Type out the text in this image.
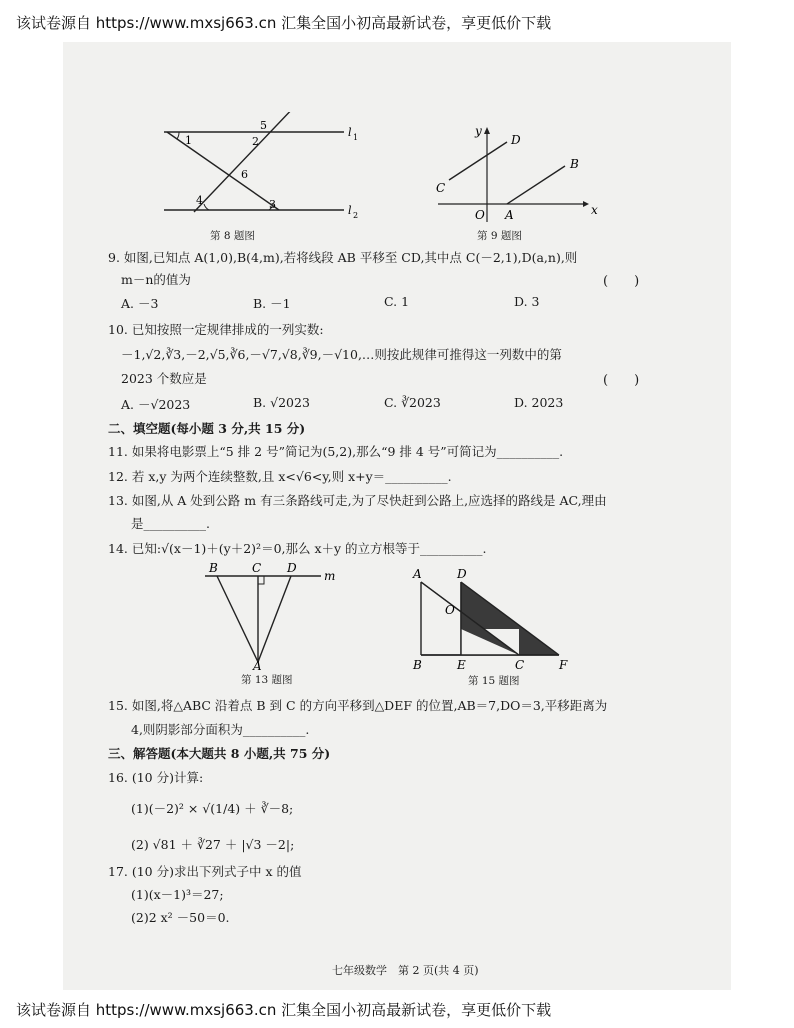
该试卷源自 https://www.mxsj663.cn 汇集全国小初高最新试卷，享更低价下载
l 1
l 2
1	2
3
4
5
6
第 8 题图
y
x
D
B
C
O A
第 9 题图
9. 如图,已知点 A(1,0),B(4,m),若将线段 AB 平移至 CD,其中点 C(－2,1),D(a,n),则
m－n的值为	(　　)
A. －3	B. －1	C. 1	D. 3
10. 已知按照一定规律排成的一列实数:
－1,√2,∛3,－2,√5,∛6,－√7,√8,∛9,－√10,…则按此规律可推得这一列数中的第
2023 个数应是	(　　)
A. －√2023	B. √2023	C. ∛2023	D. 2023
二、填空题(每小题 3 分,共 15 分)
11. 如果将电影票上“5 排 2 号”简记为(5,2),那么“9 排 4 号”可简记为__________.
12. 若 x,y 为两个连续整数,且 x<√6<y,则 x+y＝__________.
13. 如图,从 A 处到公路 m 有三条路线可走,为了尽快赶到公路上,应选择的路线是 AC,理由
是__________.
14. 已知:√(x－1)＋(y＋2)²＝0,那么 x＋y 的立方根等于__________.
B	C D
m
A
第 13 题图
A	D
O
B	E	C	F
第 15 题图
15. 如图,将△ABC 沿着点 B 到 C 的方向平移到△DEF 的位置,AB＝7,DO＝3,平移距离为
4,则阴影部分面积为__________.
三、解答题(本大题共 8 小题,共 75 分)
16. (10 分)计算:
(1)(－2)² × √(1/4) ＋ ∛－8;
(2) √81 ＋ ∛27 ＋ |√3 －2|;
17. (10 分)求出下列式子中 x 的值
(1)(x－1)³＝27;
(2)2 x² －50＝0.
七年级数学　第 2 页(共 4 页)
该试卷源自 https://www.mxsj663.cn 汇集全国小初高最新试卷，享更低价下载
